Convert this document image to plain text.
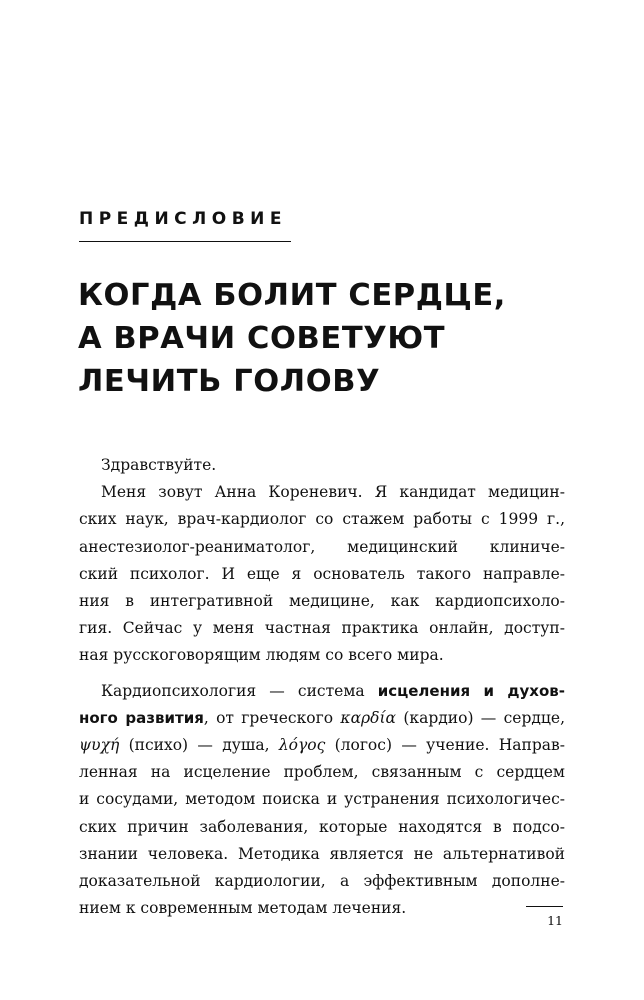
ПРЕДИСЛОВИЕ
КОГДА БОЛИТ СЕРДЦЕ,
А ВРАЧИ СОВЕТУЮТ
ЛЕЧИТЬ ГОЛОВУ

Здравствуйте.

Меня зовут Анна Кореневич. Я кандидат медицин-
ских наук, врач-кардиолог со стажем работы с 1999 г.,
анестезиолог-реаниматолог, медицинский клиниче-
ский психолог. И еще я основатель такого направле-
ния в интегративной медицине, как кардиопсихоло-
гия. Сейчас у меня частная практика онлайн, доступ-
ная русскоговорящим людям со всего мира.

Кардиопсихология — система исцеления и духов-
ного развития, от греческого καρδία (кардио) — сердце,
ψυχή (психо) — душа, λόγος (логос) — учение. Направ-
ленная на исцеление проблем, связанным с сердцем
и сосудами, методом поиска и устранения психологичес-
ских причин заболевания, которые находятся в подсо-
знании человека. Методика является не альтернативой
доказательной кардиологии, а эффективным дополне-
нием к современным методам лечения.

11
